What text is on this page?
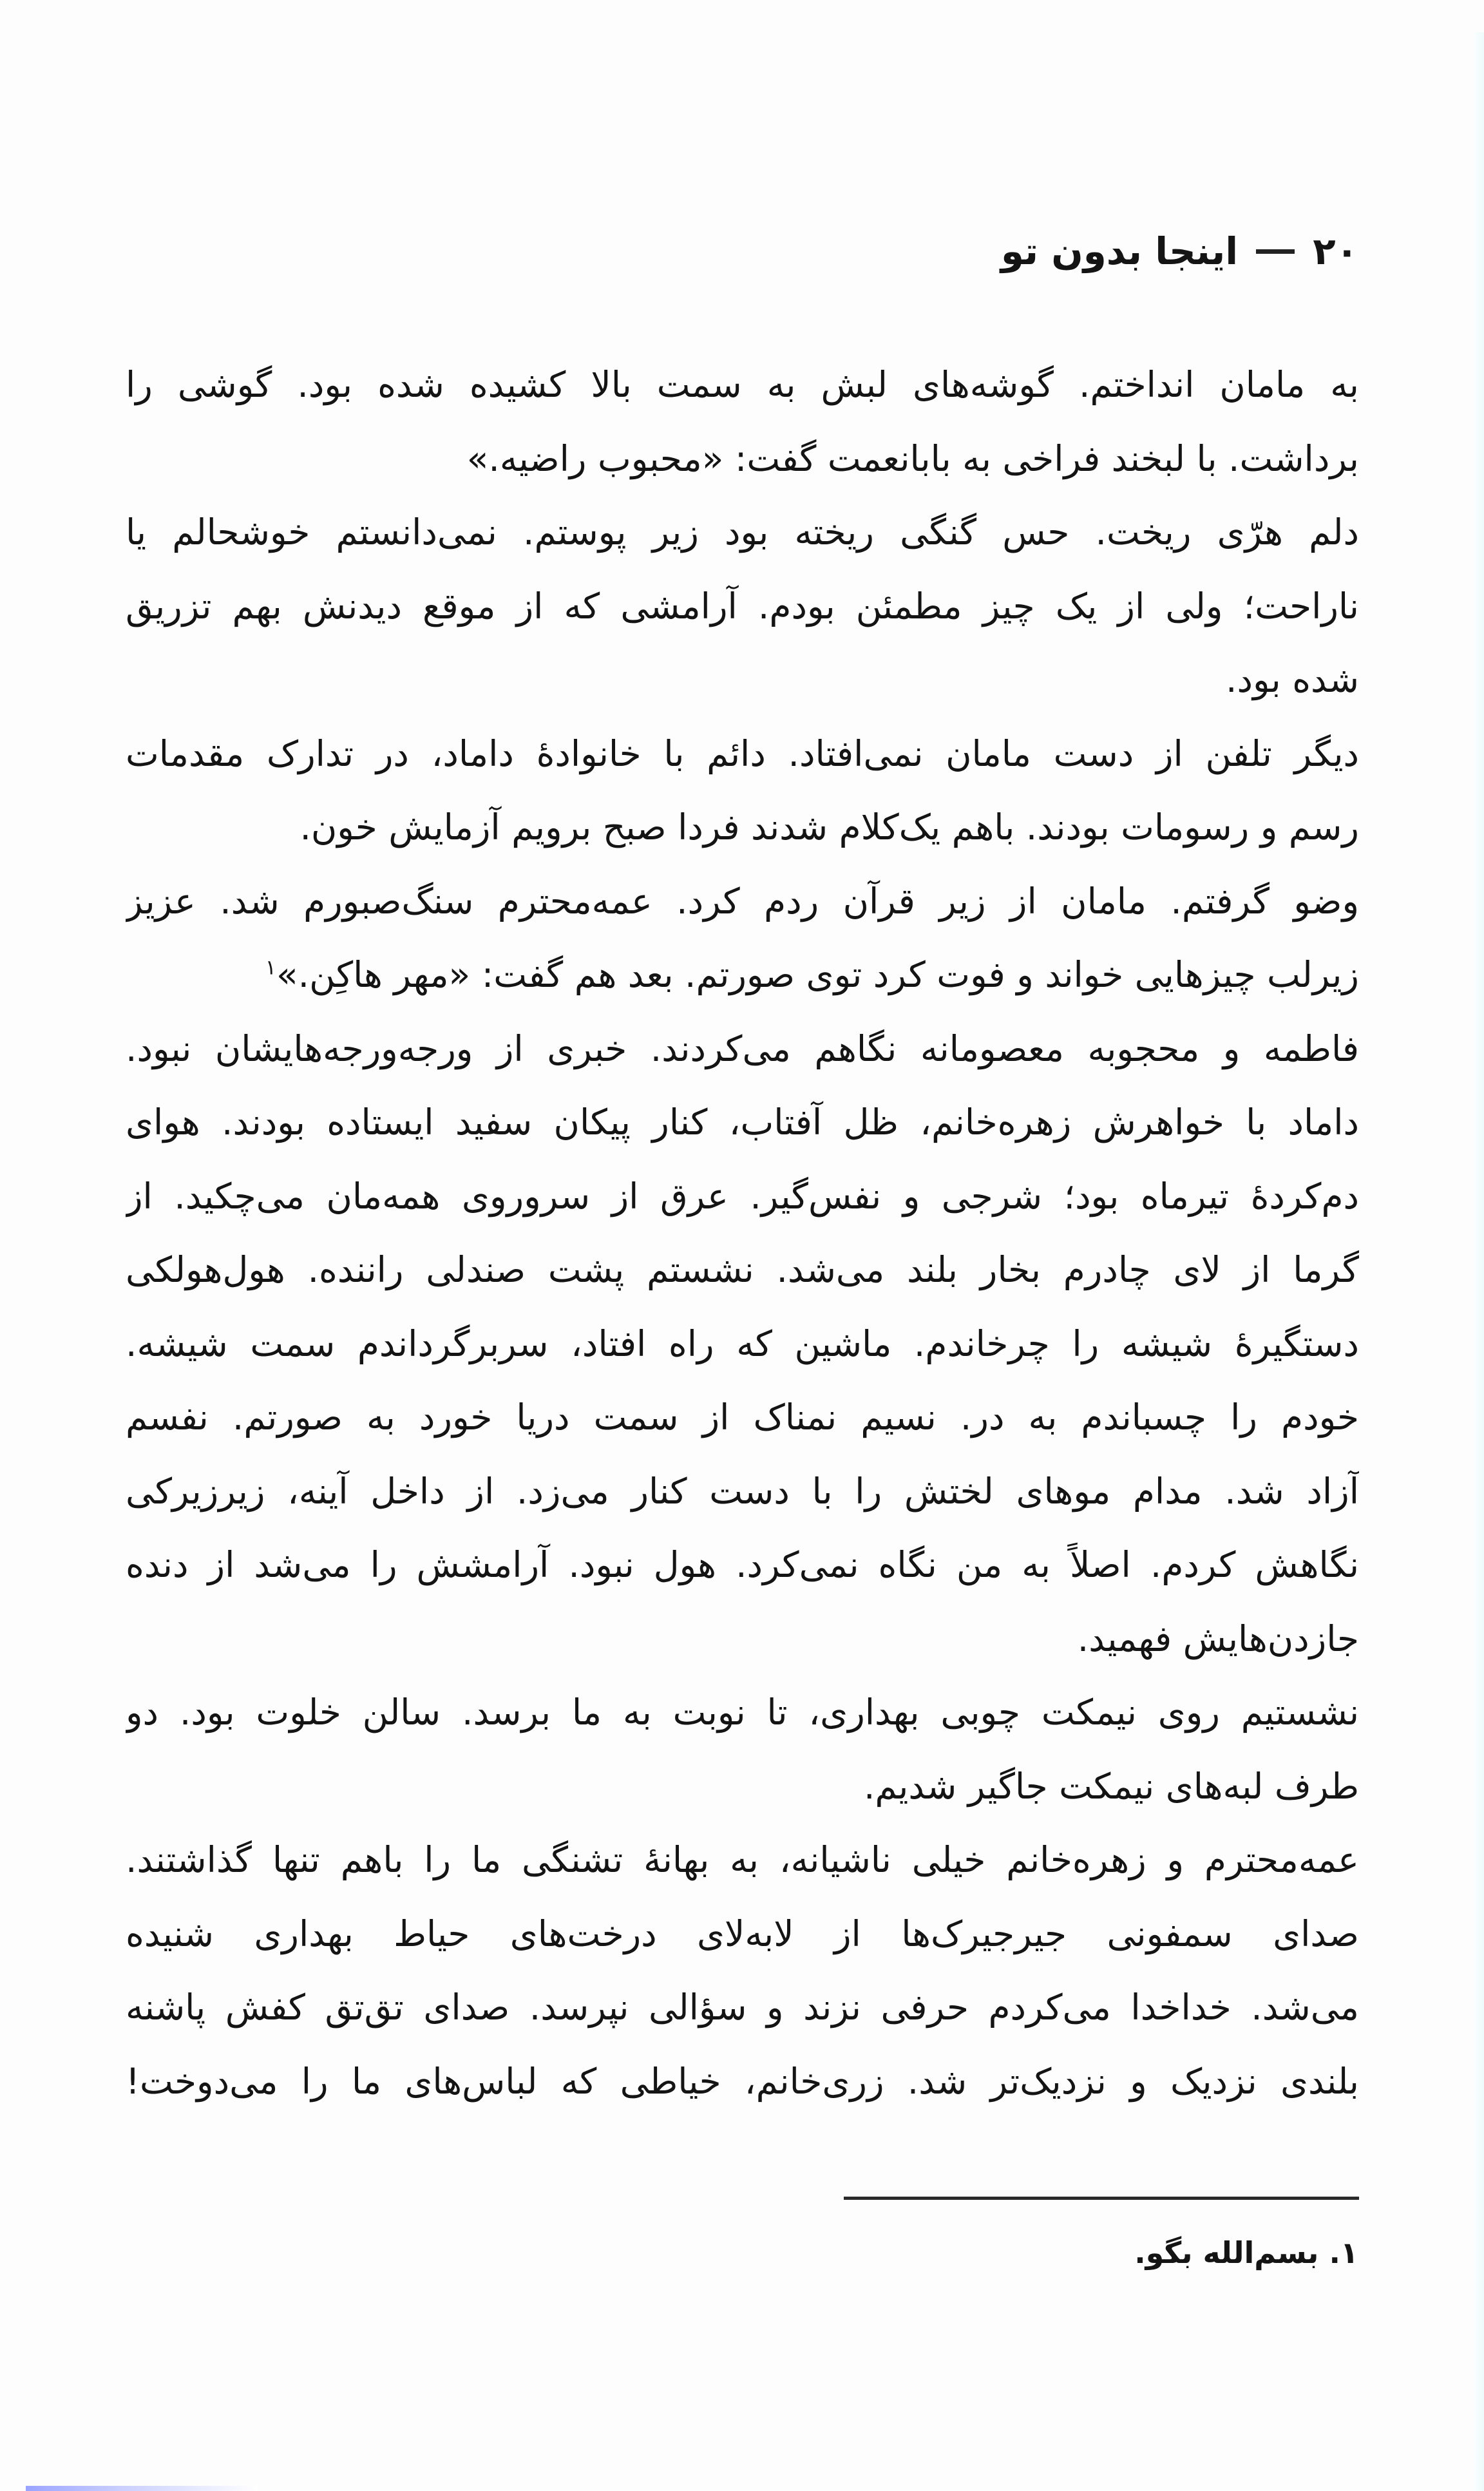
۲۰
اینجا بدون تو
به مامان انداختم. گوشه‌های لبش به سمت بالا کشیده شده بود. گوشی را
برداشت. با لبخند فراخی به بابانعمت گفت: «محبوب راضیه.»
دلم هرّی ریخت. حس گنگی ریخته بود زیر پوستم. نمی‌دانستم خوشحالم یا
ناراحت؛ ولی از یک چیز مطمئن بودم. آرامشی که از موقع دیدنش بهم تزریق
شده بود.
دیگر تلفن از دست مامان نمی‌افتاد. دائم با خانوادهٔ داماد، در تدارک مقدمات
رسم و رسومات بودند. باهم یک‌کلام شدند فردا صبح برویم آزمایش خون.
وضو گرفتم. مامان از زیر قرآن ردم کرد. عمه‌محترم سنگ‌صبورم شد. عزیز
زیرلب چیزهایی خواند و فوت کرد توی صورتم. بعد هم گفت: «مهر هاکِن.»$^۱$
فاطمه و محجوبه معصومانه نگاهم می‌کردند. خبری از ورجه‌ورجه‌هایشان نبود.
داماد با خواهرش زهره‌خانم، ظل آفتاب، کنار پیکان سفید ایستاده بودند. هوای
دم‌کردهٔ تیرماه بود؛ شرجی و نفس‌گیر. عرق از سروروی همه‌مان می‌چکید. از
گرما از لای چادرم بخار بلند می‌شد. نشستم پشت صندلی راننده. هول‌هولکی
دستگیرهٔ شیشه را چرخاندم. ماشین که راه افتاد، سربرگرداندم سمت شیشه.
خودم را چسباندم به در. نسیم نمناک از سمت دریا خورد به صورتم. نفسم
آزاد شد. مدام موهای لختش را با دست کنار می‌زد. از داخل آینه، زیرزیرکی
نگاهش کردم. اصلاً به من نگاه نمی‌کرد. هول نبود. آرامشش را می‌شد از دنده
جازدن‌هایش فهمید.
نشستیم روی نیمکت چوبی بهداری، تا نوبت به ما برسد. سالن خلوت بود. دو
طرف لبه‌های نیمکت جاگیر شدیم.
عمه‌محترم و زهره‌خانم خیلی ناشیانه، به بهانهٔ تشنگی ما را باهم تنها گذاشتند.
صدای سمفونی جیرجیرک‌ها از لابه‌لای درخت‌های حیاط بهداری شنیده
می‌شد. خداخدا می‌کردم حرفی نزند و سؤالی نپرسد. صدای تق‌تق کفش پاشنه
بلندی نزدیک و نزدیک‌تر شد. زری‌خانم، خیاطی که لباس‌های ما را می‌دوخت!
۱. بسم‌الله بگو.
